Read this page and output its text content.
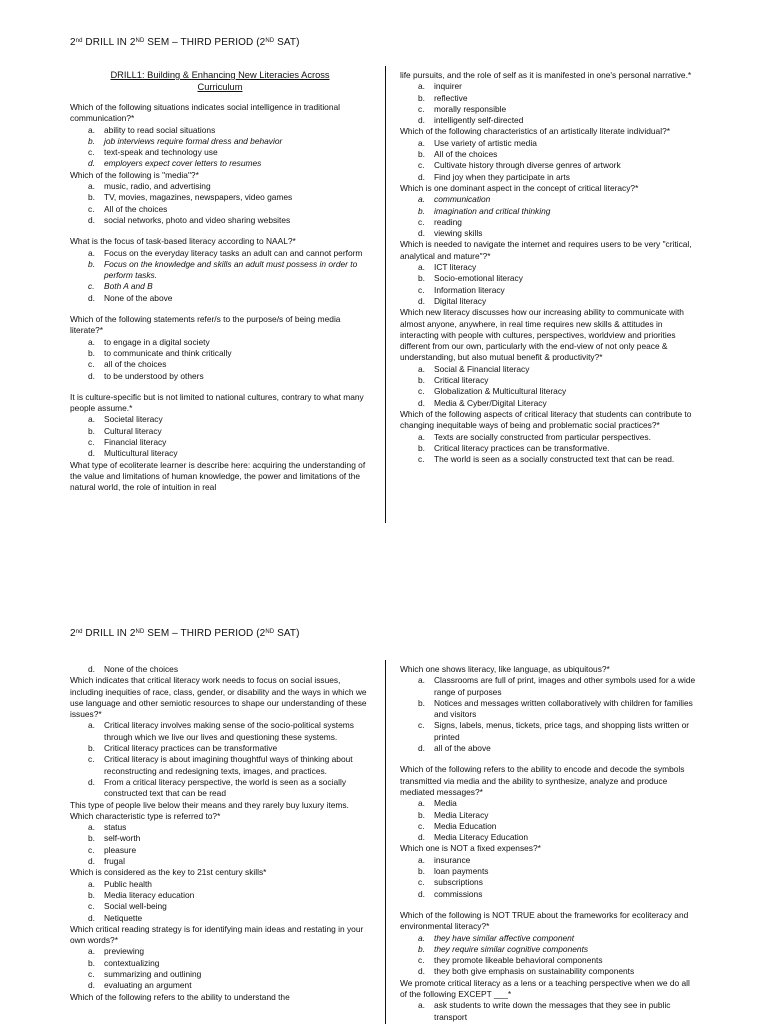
2nd DRILL IN 2ND SEM – THIRD PERIOD (2ND SAT)
DRILL1: Building & Enhancing New Literacies Across
Curriculum
Which of the following situations indicates social intelligence in traditional communication?*
a.	ability to read social situations
b.	job interviews require formal dress and behavior
c.	text-speak and technology use
d.	employers expect cover letters to resumes
Which of the following is "media"?*
a.	music, radio, and advertising
b.	TV, movies, magazines, newspapers, video games
c.	All of the choices
d.	social networks, photo and video sharing websites
What is the focus of task-based literacy according to NAAL?*
a.	Focus on the everyday literacy tasks an adult can and cannot perform
b.	Focus on the knowledge and skills an adult must possess in order to perform tasks.
c.	Both A and B
d.	None of the above
Which of the following statements refer/s to the purpose/s of being media literate?*
a.	to engage in a digital society
b.	to communicate and think critically
c.	all of the choices
d.	to be understood by others
It is culture-specific but is not limited to national cultures, contrary to what many people assume.*
a.	Societal literacy
b.	Cultural literacy
c.	Financial literacy
d.	Multicultural literacy
What type of ecoliterate learner is describe here: acquiring the understanding of the value and limitations of human knowledge, the power and limitations of the natural world, the role of intuition in real
life pursuits, and the role of self as it is manifested in one's personal narrative.*
a.	inquirer
b.	reflective
c.	morally responsible
d.	intelligently self-directed
Which of the following characteristics of an artistically literate individual?*
a.	Use variety of artistic media
b.	All of the choices
c.	Cultivate history through diverse genres of artwork
d.	Find joy when they participate in arts
Which is one dominant aspect in the concept of critical literacy?*
a.	communication
b.	imagination and critical thinking
c.	reading
d.	viewing skills
Which is needed to navigate the internet and requires users to be very "critical, analytical and mature"?*
a.	ICT literacy
b.	Socio-emotional literacy
c.	Information literacy
d.	Digital literacy
Which new literacy discusses how our increasing ability to communicate with almost anyone, anywhere, in real time requires new skills & attitudes in interacting with people with cultures, perspectives, worldview and priorities different from our own, particularly with the end-view of not only peace & understanding, but also mutual benefit & productivity?*
a.	Social & Financial literacy
b.	Critical literacy
c.	Globalization & Multicultural literacy
d.	Media & Cyber/Digital Literacy
Which of the following aspects of critical literacy that students can contribute to changing inequitable ways of being and problematic social practices?*
a.	Texts are socially constructed from particular perspectives.
b.	Critical literacy practices can be transformative.
c.	The world is seen as a socially constructed text that can be read.
2nd DRILL IN 2ND SEM – THIRD PERIOD (2ND SAT)
d.	None of the choices
Which indicates that critical literacy work needs to focus on social issues, including inequities of race, class, gender, or disability and the ways in which we use language and other semiotic resources to shape our understanding of these issues?*
a.	Critical literacy involves making sense of the socio-political systems through which we live our lives and questioning these systems.
b.	Critical literacy practices can be transformative
c.	Critical literacy is about imagining thoughtful ways of thinking about reconstructing and redesigning texts, images, and practices.
d.	From a critical literacy perspective, the world is seen as a socially constructed text that can be read
This type of people live below their means and they rarely buy luxury items. Which characteristic type is referred to?*
a.	status
b.	self-worth
c.	pleasure
d.	frugal
Which is considered as the key to 21st century skills*
a.	Public health
b.	Media literacy education
c.	Social well-being
d.	Netiquette
Which critical reading strategy is for identifying main ideas and restating in your own words?*
a.	previewing
b.	contextualizing
c.	summarizing and outlining
d.	evaluating an argument
Which of the following refers to the ability to understand the
Which one shows literacy, like language, as ubiquitous?*
a.	Classrooms are full of print, images and other symbols used for a wide range of purposes
b.	Notices and messages written collaboratively with children for families and visitors
c.	Signs, labels, menus, tickets, price tags, and shopping lists written or printed
d.	all of the above
Which of the following refers to the ability to encode and decode the symbols transmitted via media and the ability to synthesize, analyze and produce mediated messages?*
a.	Media
b.	Media Literacy
c.	Media Education
d.	Media Literacy Education
Which one is NOT a fixed expenses?*
a.	insurance
b.	loan payments
c.	subscriptions
d.	commissions
Which of the following is NOT TRUE about the frameworks for ecoliteracy and environmental literacy?*
a.	they have similar affective component
b.	they require similar cognitive components
c.	they promote likeable behavioral components
d.	they both give emphasis on sustainability components
We promote critical literacy as a lens or a teaching perspective when we do all of the following EXCEPT ___*
a.	ask students to write down the messages that they see in public transport
